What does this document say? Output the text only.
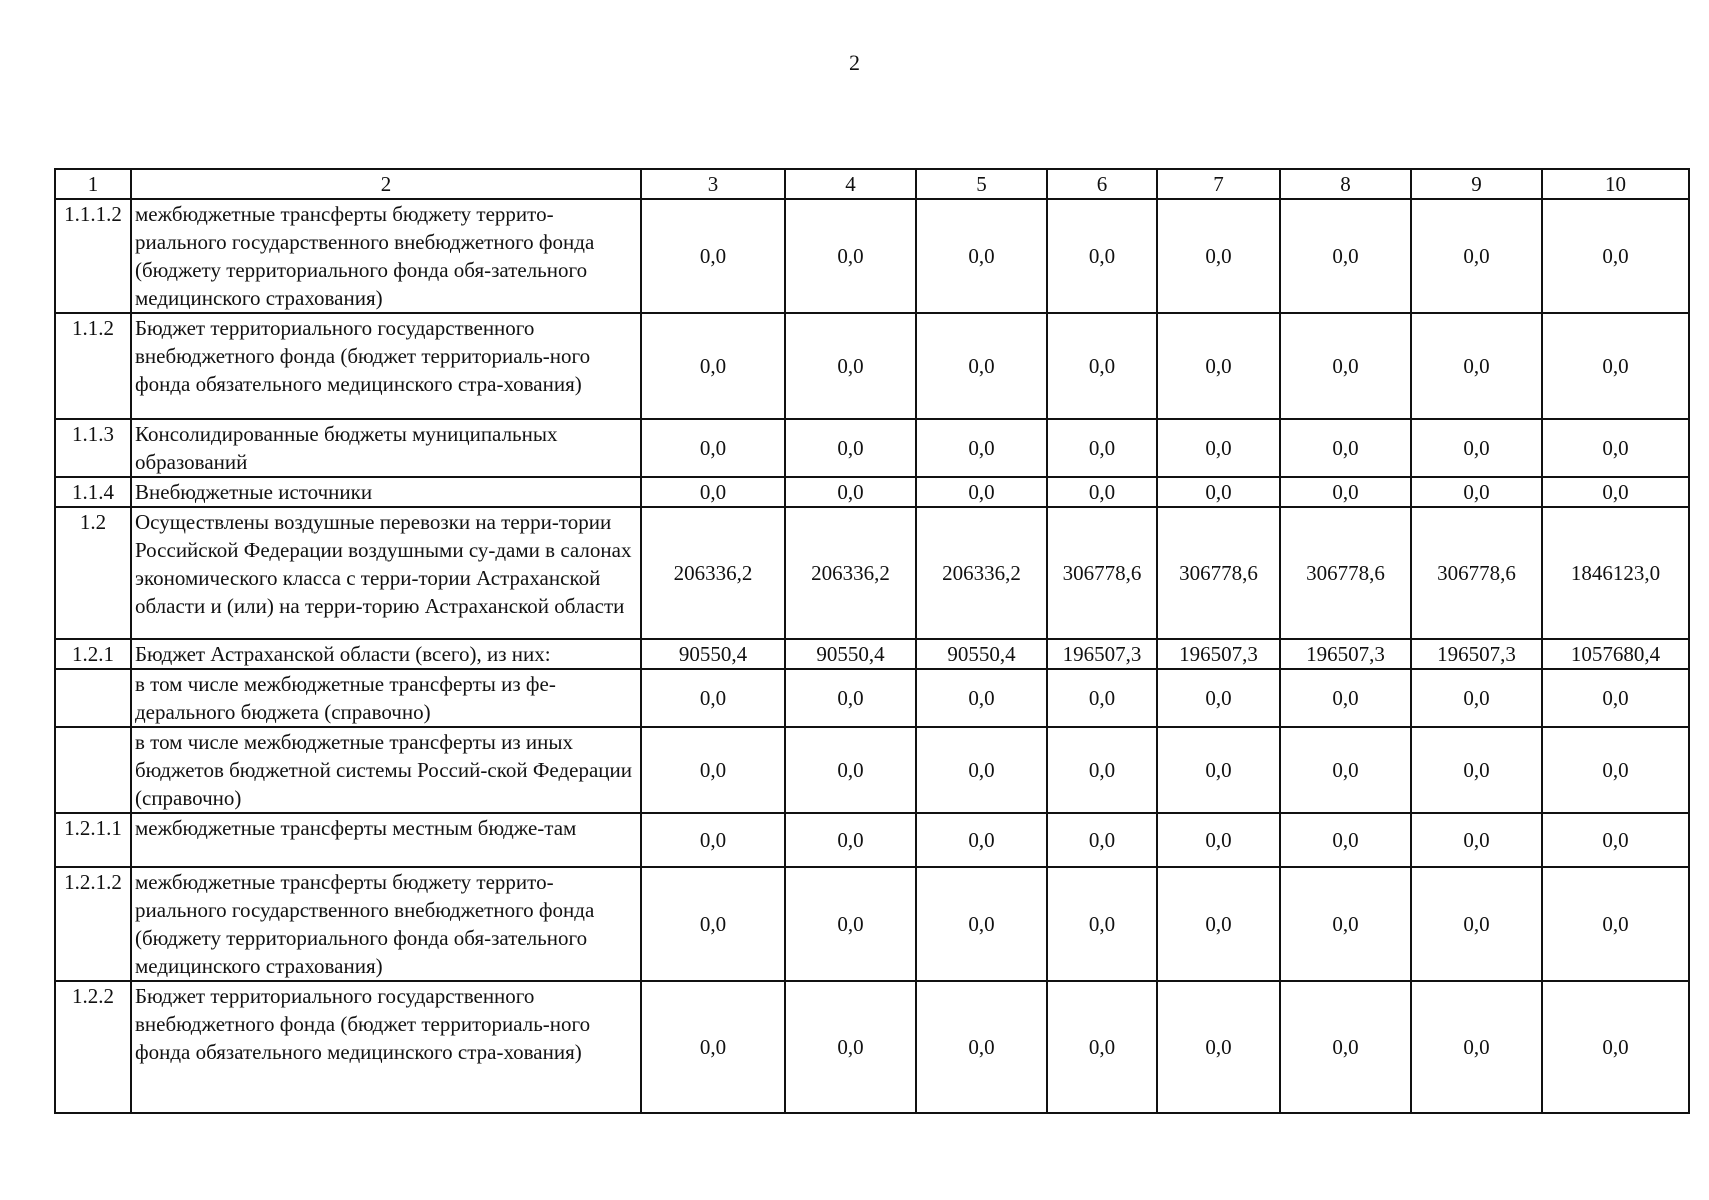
2
1	2	3	4	5	6	7	8	9	10
1.1.1.2	межбюджетные трансферты бюджету террито-риального государственного внебюджетного фонда (бюджету территориального фонда обя-зательного медицинского страхования)	0,0	0,0	0,0	0,0	0,0	0,0	0,0	0,0
1.1.2	Бюджет территориального государственного внебюджетного фонда (бюджет территориаль-ного фонда обязательного медицинского стра-хования)	0,0	0,0	0,0	0,0	0,0	0,0	0,0	0,0
1.1.3	Консолидированные бюджеты муниципальных образований	0,0	0,0	0,0	0,0	0,0	0,0	0,0	0,0
1.1.4	Внебюджетные источники	0,0	0,0	0,0	0,0	0,0	0,0	0,0	0,0
1.2	Осуществлены воздушные перевозки на терри-тории Российской Федерации воздушными су-дами в салонах экономического класса с терри-тории Астраханской области и (или) на терри-торию Астраханской области	206336,2	206336,2	206336,2	306778,6	306778,6	306778,6	306778,6	1846123,0
1.2.1	Бюджет Астраханской области (всего), из них:	90550,4	90550,4	90550,4	196507,3	196507,3	196507,3	196507,3	1057680,4
	в том числе межбюджетные трансферты из фе-дерального бюджета (справочно)	0,0	0,0	0,0	0,0	0,0	0,0	0,0	0,0
	в том числе межбюджетные трансферты из иных бюджетов бюджетной системы Россий-ской Федерации (справочно)	0,0	0,0	0,0	0,0	0,0	0,0	0,0	0,0
1.2.1.1	межбюджетные трансферты местным бюдже-там	0,0	0,0	0,0	0,0	0,0	0,0	0,0	0,0
1.2.1.2	межбюджетные трансферты бюджету террито-риального государственного внебюджетного фонда (бюджету территориального фонда обя-зательного медицинского страхования)	0,0	0,0	0,0	0,0	0,0	0,0	0,0	0,0
1.2.2	Бюджет территориального государственного внебюджетного фонда (бюджет территориаль-ного фонда обязательного медицинского стра-хования)	0,0	0,0	0,0	0,0	0,0	0,0	0,0	0,0
